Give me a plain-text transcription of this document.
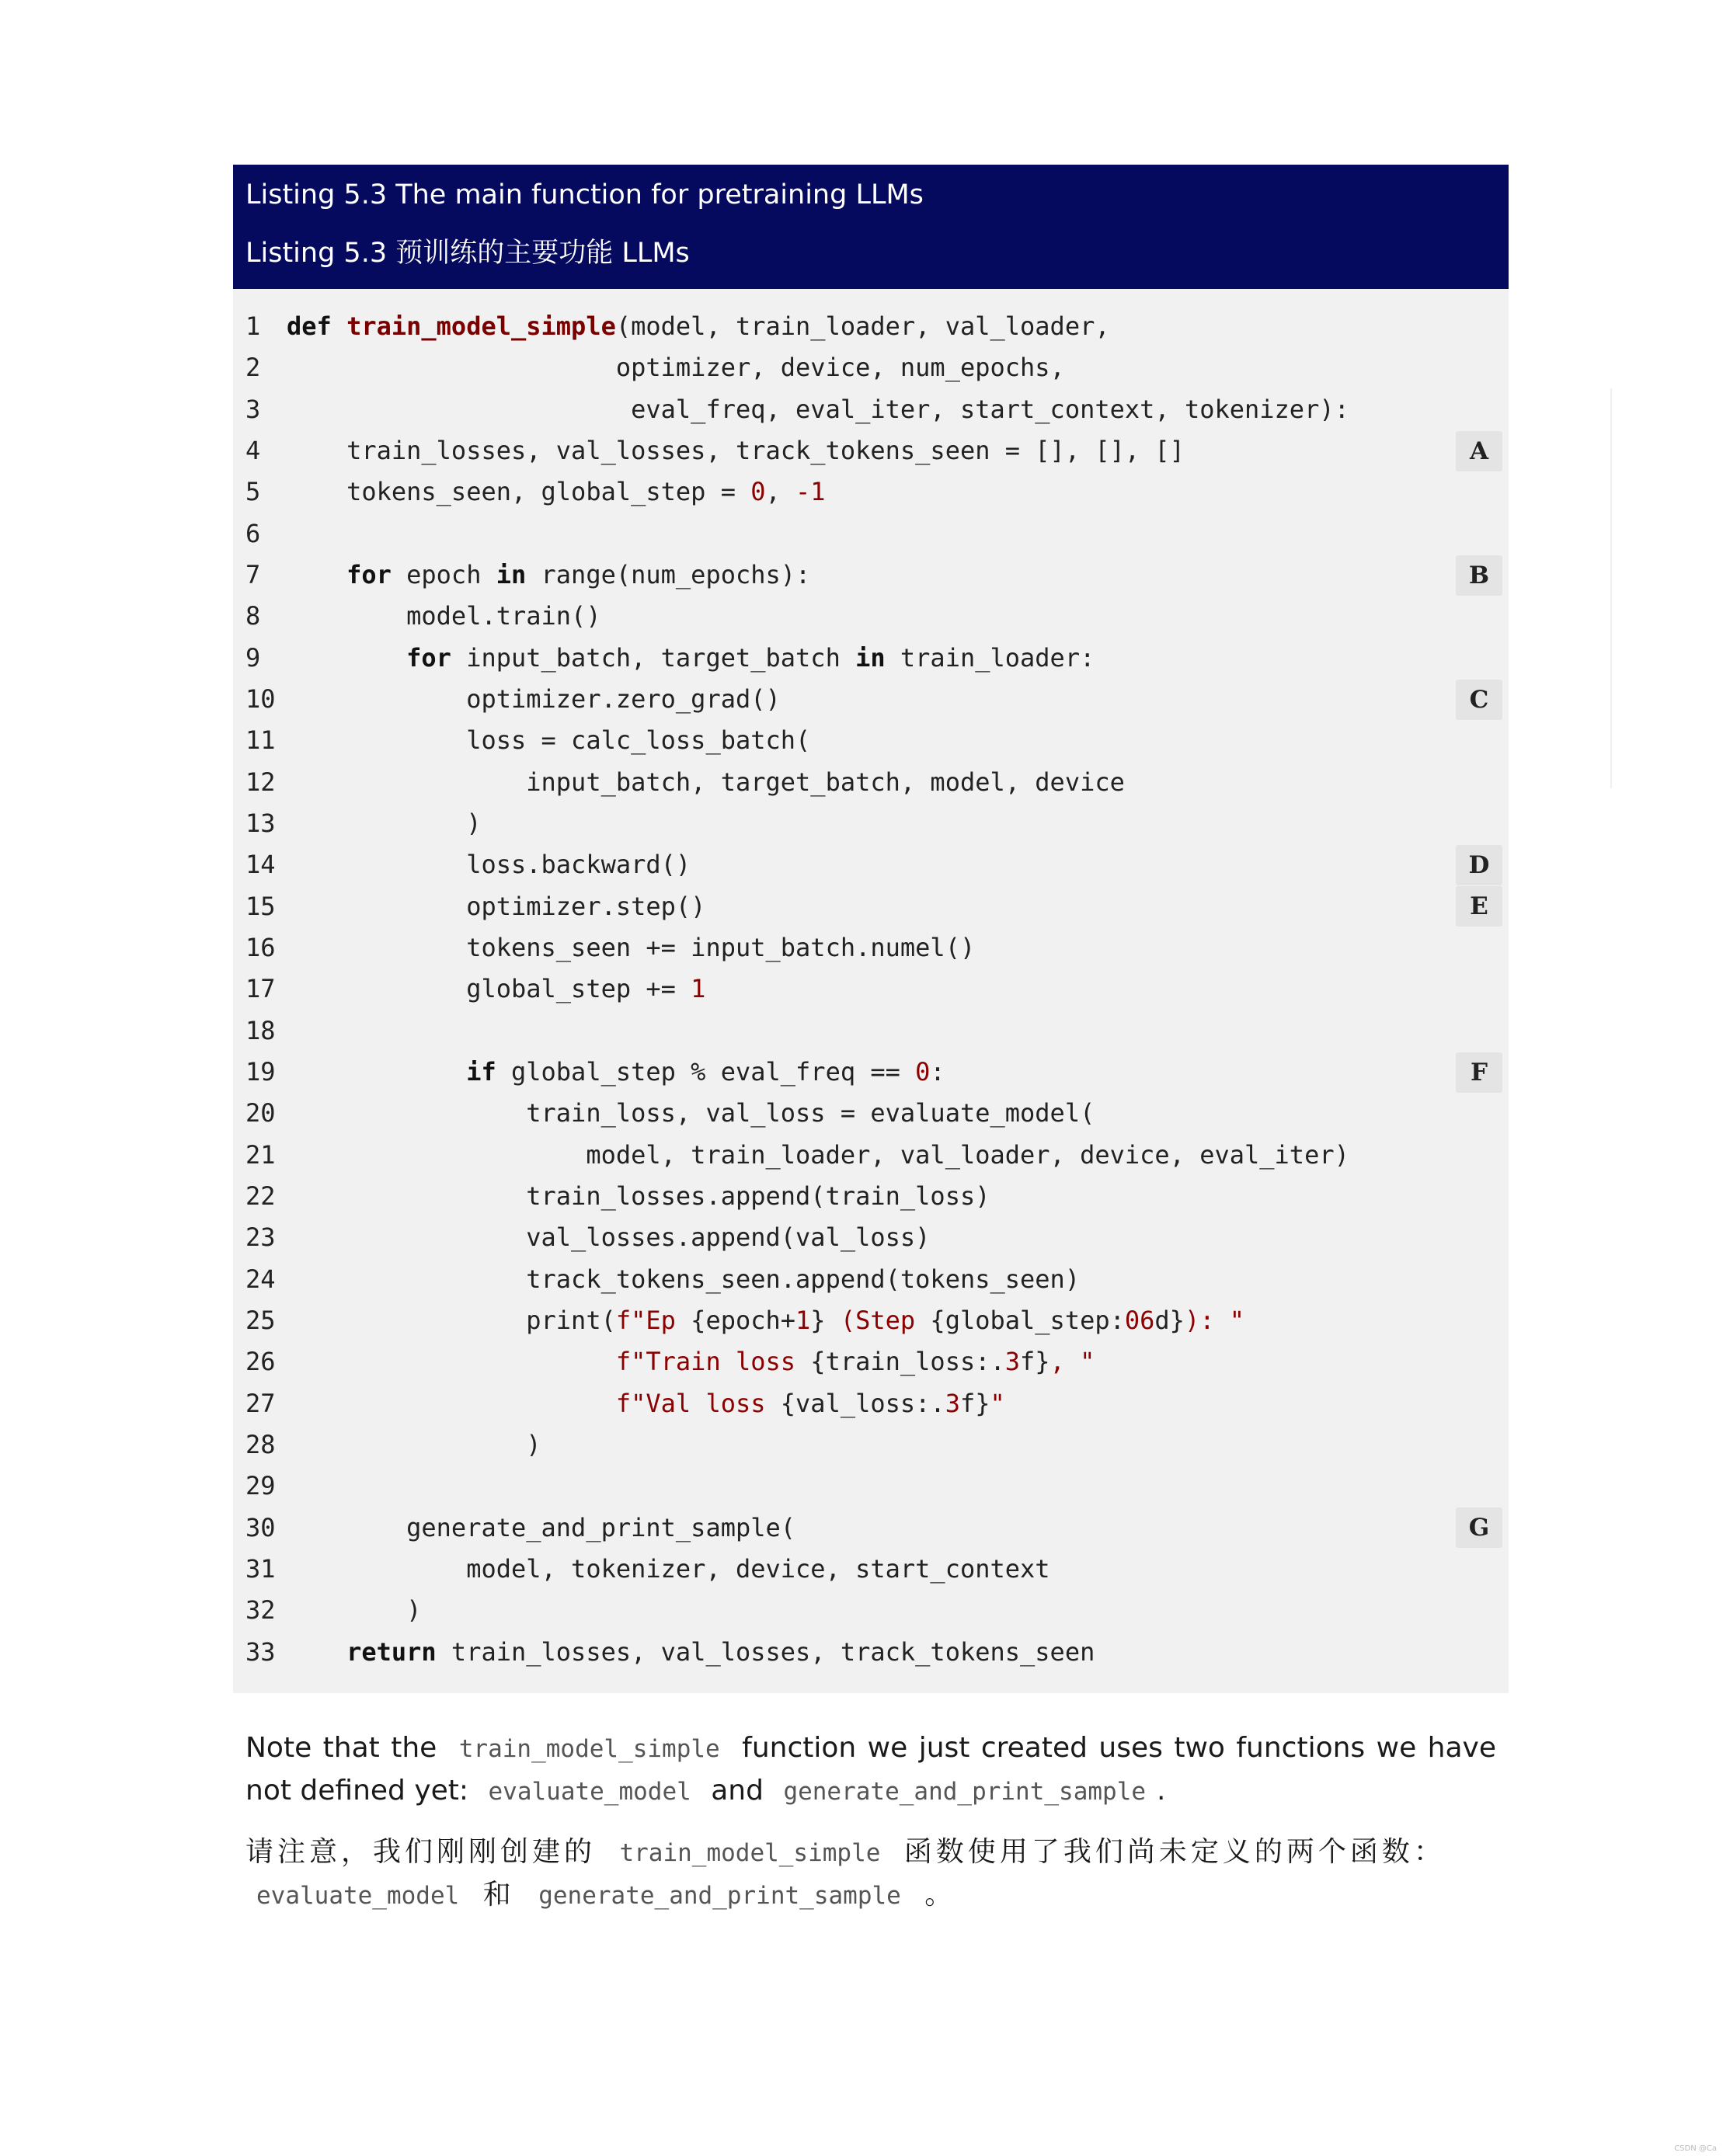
Listing 5.3 The main function for pretraining LLMs
Listing 5.3 预训练的主要功能 LLMs
1	def train_model_simple(model, train_loader, val_loader,
2	optimizer, device, num_epochs,
3	eval_freq, eval_iter, start_context, tokenizer):
4	train_losses, val_losses, track_tokens_seen = [], [], []
5	tokens_seen, global_step = 0, -1
6
7	for epoch in range(num_epochs):
8	model.train()
9	for input_batch, target_batch in train_loader:
10 optimizer.zero_grad()
11 loss = calc_loss_batch(
12 input_batch, target_batch, model, device
13 )
14 loss.backward()
15 optimizer.step()
16 tokens_seen += input_batch.numel()
17 global_step += 1
18
19	if global_step % eval_freq == 0:
20 train_loss, val_loss = evaluate_model(
21 model, train_loader, val_loader, device, eval_iter)
22 train_losses.append(train_loss)
23 val_losses.append(val_loss)
24 track_tokens_seen.append(tokens_seen)
25 print(f"Ep {epoch+1} (Step {global_step:06d}): "
26	f"Train loss {train_loss:.3f}, "
27	f"Val loss {val_loss:.3f}"
28 )
29
30 generate_and_print_sample(
31 model, tokenizer, device, start_context
32 )
33	return train_losses, val_losses, track_tokens_seen
A
B
C
D
E
F
G
Note that the train_model_simple function we just created uses two functions we have not defined yet: evaluate_model and generate_and_print_sample .
请注意，我们刚刚创建的 train_model_simple 函数使用了我们尚未定义的两个函数：
evaluate_model 和 generate_and_print_sample 。
CSDN @Ca
